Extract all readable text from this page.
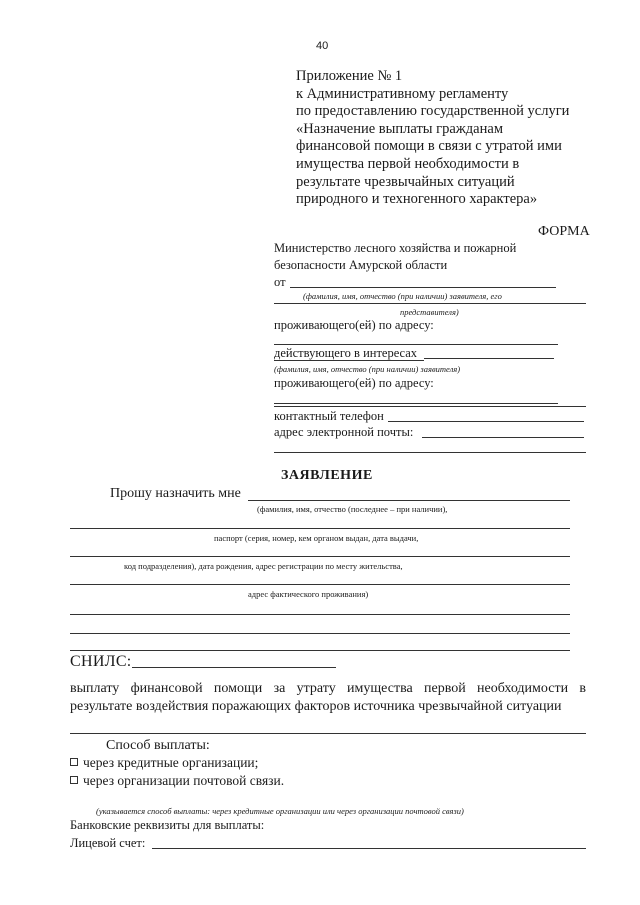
40
Приложение № 1
к Административному регламенту
по предоставлению государственной услуги
«Назначение выплаты гражданам
финансовой помощи в связи с утратой ими
имущества первой необходимости в
результате чрезвычайных ситуаций
природного и техногенного характера»
ФОРМА
Министерство лесного хозяйства и пожарной
безопасности Амурской области
от
(фамилия, имя, отчество (при наличии) заявителя, его
представителя)
проживающего(ей) по адресу:
действующего в интересах
(фамилия, имя, отчество (при наличии) заявителя)
проживающего(ей) по адресу:
контактный телефон
адрес электронной почты:
ЗАЯВЛЕНИЕ
Прошу назначить мне
(фамилия, имя, отчество (последнее – при наличии),
паспорт (серия, номер, кем органом выдан, дата выдачи,
код подразделения), дата рождения, адрес регистрации по месту жительства,
адрес фактического проживания)
СНИЛС:
выплату финансовой помощи за утрату имущества первой необходимости в результате воздействия поражающих факторов источника чрезвычайной ситуации
Способ выплаты:
через кредитные организации;
через организации почтовой связи.
(указывается способ выплаты: через кредитные организации или через организации почтовой связи)
Банковские реквизиты для выплаты:
Лицевой счет:
